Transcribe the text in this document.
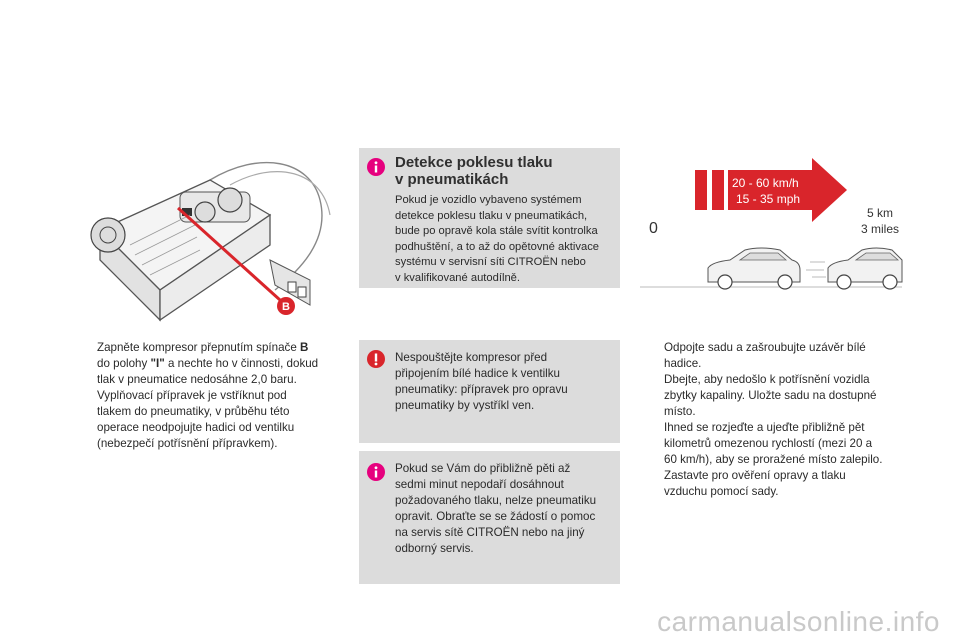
B
Detekce poklesu tlaku
v pneumatikách
Pokud je vozidlo vybaveno systémem
detekce poklesu tlaku v pneumatikách,
bude po opravě kola stále svítit kontrolka
podhuštění, a to až do opětovné aktivace
systému v servisní síti CITROËN nebo
v kvalifikované autodílně.
Nespouštějte kompresor před
připojením bílé hadice k ventilku
pneumatiky: přípravek pro opravu
pneumatiky by vystříkl ven.
Pokud se Vám do přibližně pěti až
sedmi minut nepodaří dosáhnout
požadovaného tlaku, nelze pneumatiku
opravit. Obraťte se se žádostí o pomoc
na servis sítě CITROËN nebo na jiný
odborný servis.
20 - 60 km/h
15 - 35 mph
0
5 km
3 miles
Zapněte kompresor přepnutím spínače B
do polohy "I" a nechte ho v činnosti, dokud
tlak v pneumatice nedosáhne 2,0 baru.
Vyplňovací přípravek je vstříknut pod
tlakem do pneumatiky, v průběhu této
operace neodpojujte hadici od ventilku
(nebezpečí potřísnění přípravkem).
Odpojte sadu a zašroubujte uzávěr bílé
hadice.
Dbejte, aby nedošlo k potřísnění vozidla
zbytky kapaliny. Uložte sadu na dostupné
místo.
Ihned se rozjeďte a ujeďte přibližně pět
kilometrů omezenou rychlostí (mezi 20 a
60 km/h), aby se proražené místo zalepilo.
Zastavte pro ověření opravy a tlaku
vzduchu pomocí sady.
carmanualsonline.info
